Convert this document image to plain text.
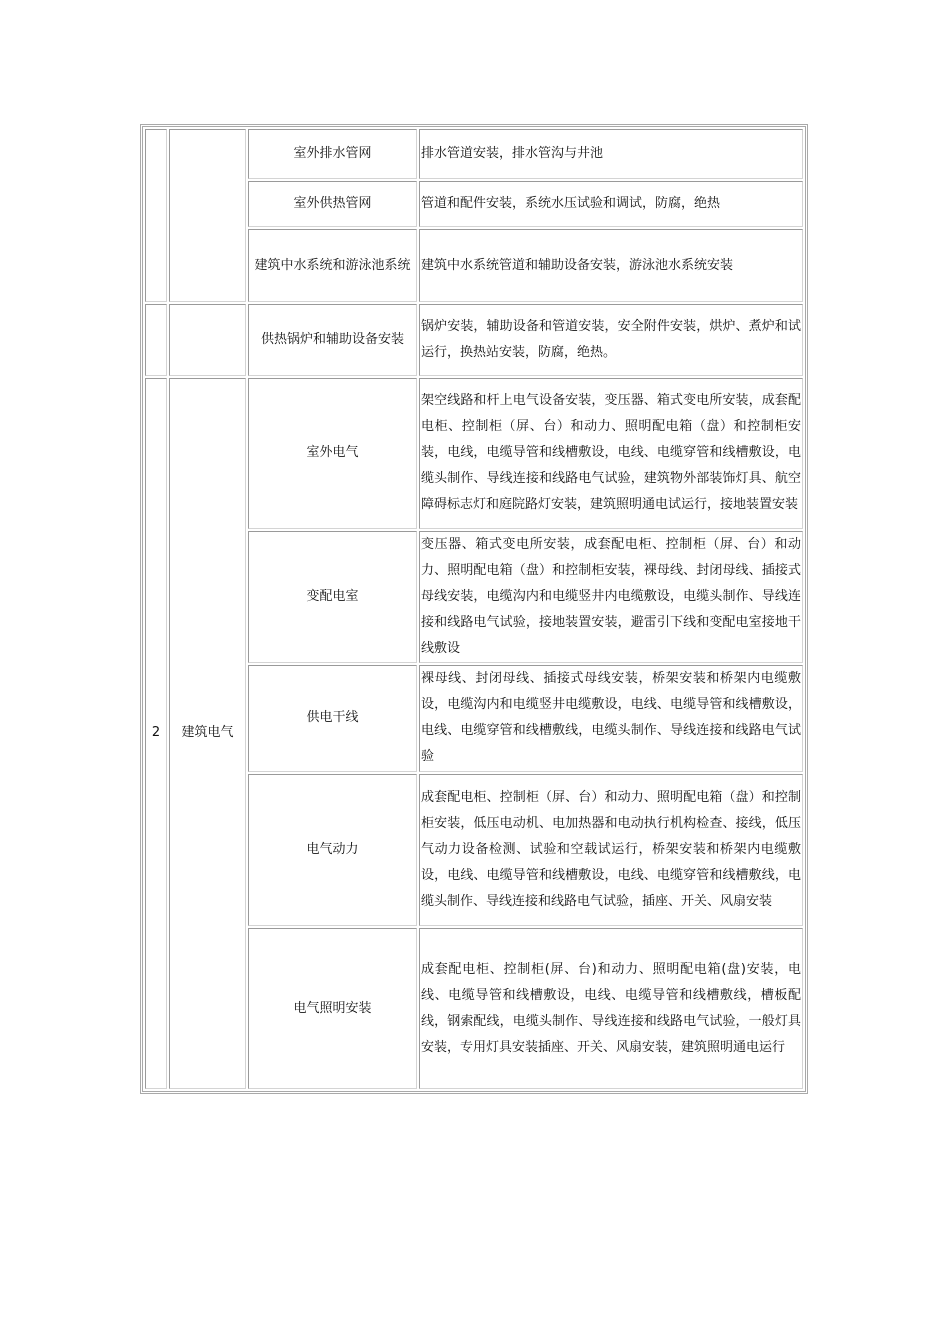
		室外排水管网	排水管道安装，排水管沟与井池
		室外供热管网	管道和配件安装，系统水压试验和调试，防腐，绝热
		建筑中水系统和游泳池系统	建筑中水系统管道和辅助设备安装，游泳池水系统安装
		供热锅炉和辅助设备安装	锅炉安装，辅助设备和管道安装，安全附件安装，烘炉、煮炉和试运行，换热站安装，防腐，绝热。
2	建筑电气	室外电气	架空线路和杆上电气设备安装，变压器、箱式变电所安装，成套配电柜、控制柜（屏、台）和动力、照明配电箱（盘）和控制柜安装，电线，电缆导管和线槽敷设，电线、电缆穿管和线槽敷设，电缆头制作、导线连接和线路电气试验，建筑物外部装饰灯具、航空障碍标志灯和庭院路灯安装，建筑照明通电试运行，接地装置安装
		变配电室	变压器、箱式变电所安装，成套配电柜、控制柜（屏、台）和动力、照明配电箱（盘）和控制柜安装，裸母线、封闭母线、插接式母线安装，电缆沟内和电缆竖井内电缆敷设，电缆头制作、导线连接和线路电气试验，接地装置安装，避雷引下线和变配电室接地干线敷设
		供电干线	裸母线、封闭母线、插接式母线安装，桥架安装和桥架内电缆敷设，电缆沟内和电缆竖井电缆敷设，电线、电缆导管和线槽敷设，电线、电缆穿管和线槽敷线，电缆头制作、导线连接和线路电气试验
		电气动力	成套配电柜、控制柜（屏、台）和动力、照明配电箱（盘）和控制柜安装，低压电动机、电加热器和电动执行机构检查、接线，低压气动力设备检测、试验和空载试运行，桥架安装和桥架内电缆敷设，电线、电缆导管和线槽敷设，电线、电缆穿管和线槽敷线，电缆头制作、导线连接和线路电气试验，插座、开关、风扇安装
		电气照明安装	成套配电柜、控制柜(屏、台)和动力、照明配电箱(盘)安装，电线、电缆导管和线槽敷设，电线、电缆导管和线槽敷线，槽板配线，钢索配线，电缆头制作、导线连接和线路电气试验，一般灯具安装，专用灯具安装插座、开关、风扇安装，建筑照明通电运行
